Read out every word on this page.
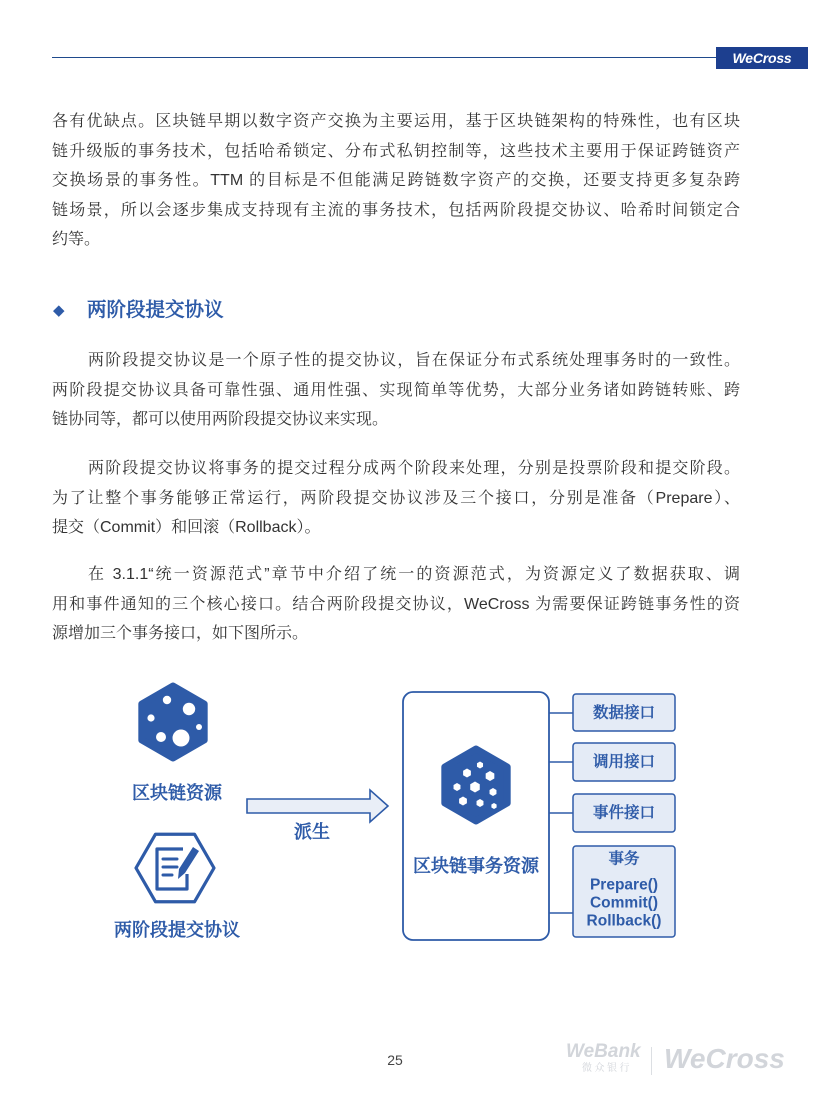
WeCross
各有优缺点。区块链早期以数字资产交换为主要运用，基于区块链架构的特殊性，也有区块
链升级版的事务技术，包括哈希锁定、分布式私钥控制等，这些技术主要用于保证跨链资产
交换场景的事务性。TTM 的目标是不但能满足跨链数字资产的交换，还要支持更多复杂跨
链场景，所以会逐步集成支持现有主流的事务技术，包括两阶段提交协议、哈希时间锁定合
约等。
◆ 两阶段提交协议
两阶段提交协议是一个原子性的提交协议，旨在保证分布式系统处理事务时的一致性。
两阶段提交协议具备可靠性强、通用性强、实现简单等优势，大部分业务诸如跨链转账、跨
链协同等，都可以使用两阶段提交协议来实现。
两阶段提交协议将事务的提交过程分成两个阶段来处理，分别是投票阶段和提交阶段。
为了让整个事务能够正常运行，两阶段提交协议涉及三个接口，分别是准备（Prepare）、
提交（Commit）和回滚（Rollback）。
在 3.1.1“统一资源范式”章节中介绍了统一的资源范式，为资源定义了数据获取、调
用和事件通知的三个核心接口。结合两阶段提交协议，WeCross 为需要保证跨链事务性的资
源增加三个事务接口，如下图所示。
区块链资源
派生
两阶段提交协议
区块链事务资源
数据接口
调用接口
事件接口
事务
Prepare()
Commit()
Rollback()
25	WeBank
微众银行 WeCross
